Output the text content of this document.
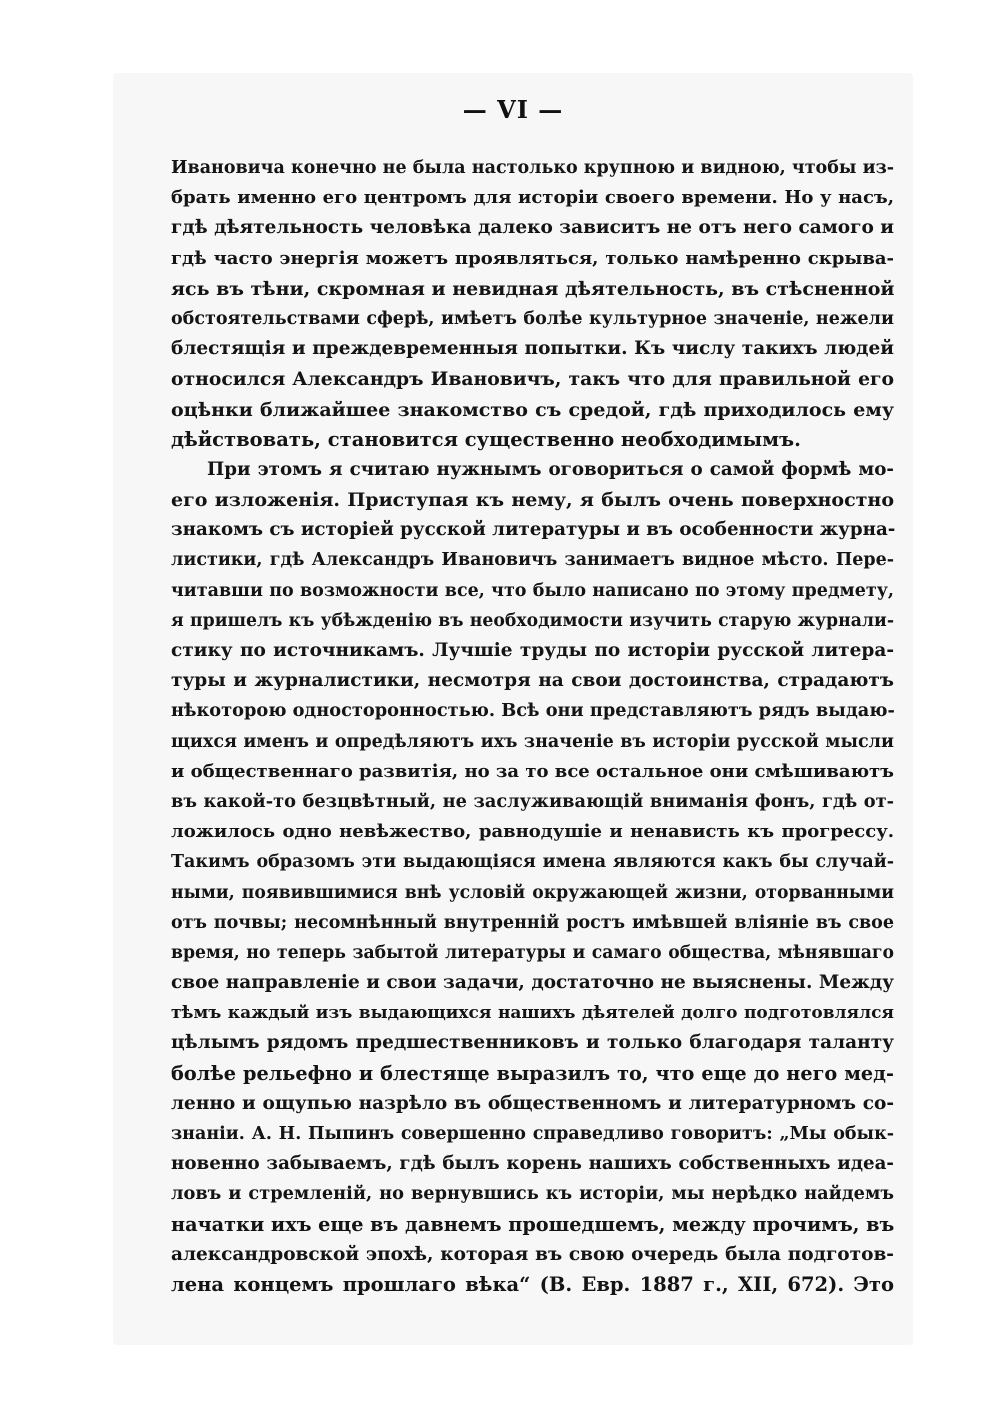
— VI —
Ивановича конечно не была настолько крупною и видною, чтобы из-
брать именно его центромъ для исторіи своего времени. Но у насъ,
гдѣ дѣятельность человѣка далеко зависитъ не отъ него самого и
гдѣ часто энергія можетъ проявляться, только намѣренно скрыва-
ясь въ тѣни, скромная и невидная дѣятельность, въ стѣсненной
обстоятельствами сферѣ, имѣетъ болѣе культурное значеніе, нежели
блестящія и преждевременныя попытки. Къ числу такихъ людей
относился Александръ Ивановичъ, такъ что для правильной его
оцѣнки ближайшее знакомство съ средой, гдѣ приходилось ему
дѣйствовать, становится существенно необходимымъ.
При этомъ я считаю нужнымъ оговориться о самой формѣ мо-
его изложенія. Приступая къ нему, я былъ очень поверхностно
знакомъ съ исторіей русской литературы и въ особенности журна-
листики, гдѣ Александръ Ивановичъ занимаетъ видное мѣсто. Пере-
читавши по возможности все, что было написано по этому предмету,
я пришелъ къ убѣжденію въ необходимости изучить старую журнали-
стику по источникамъ. Лучшіе труды по исторіи русской литера-
туры и журналистики, несмотря на свои достоинства, страдаютъ
нѣкоторою односторонностью. Всѣ они представляютъ рядъ выдаю-
щихся именъ и опредѣляютъ ихъ значеніе въ исторіи русской мысли
и общественнаго развитія, но за то все остальное они смѣшиваютъ
въ какой-то безцвѣтный, не заслуживающій вниманія фонъ, гдѣ от-
ложилось одно невѣжество, равнодушіе и ненависть къ прогрессу.
Такимъ образомъ эти выдающіяся имена являются какъ бы случай-
ными, появившимися внѣ условій окружающей жизни, оторванными
отъ почвы; несомнѣнный внутренній ростъ имѣвшей вліяніе въ свое
время, но теперь забытой литературы и самаго общества, мѣнявшаго
свое направленіе и свои задачи, достаточно не выяснены. Между
тѣмъ каждый изъ выдающихся нашихъ дѣятелей долго подготовлялся
цѣлымъ рядомъ предшественниковъ и только благодаря таланту
болѣе рельефно и блестяще выразилъ то, что еще до него мед-
ленно и ощупью назрѣло въ общественномъ и литературномъ со-
знаніи. А. Н. Пыпинъ совершенно справедливо говоритъ: „Мы обык-
новенно забываемъ, гдѣ былъ корень нашихъ собственныхъ идеа-
ловъ и стремленій, но вернувшись къ исторіи, мы нерѣдко найдемъ
начатки ихъ еще въ давнемъ прошедшемъ, между прочимъ, въ
александровской эпохѣ, которая въ свою очередь была подготов-
лена концемъ прошлаго вѣка“ (В. Евр. 1887 г., XII, 672). Это
